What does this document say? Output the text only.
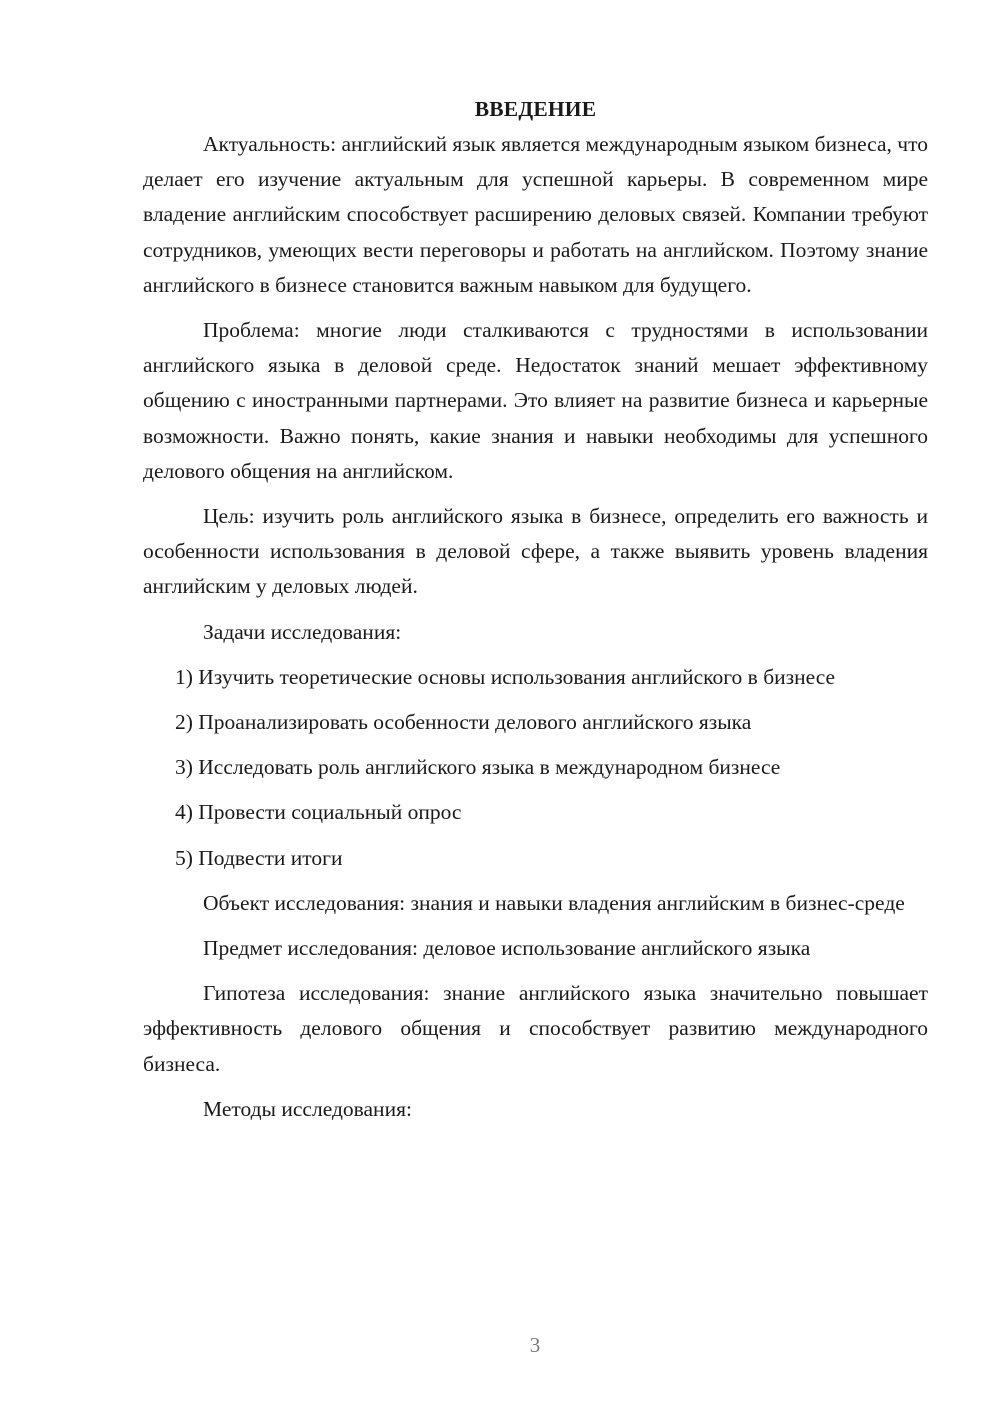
ВВЕДЕНИЕ

Актуальность: английский язык является международным языком бизнеса, что делает его изучение актуальным для успешной карьеры. В современном мире владение английским способствует расширению деловых связей. Компании требуют сотрудников, умеющих вести переговоры и работать на английском. Поэтому знание английского в бизнесе становится важным навыком для будущего.

Проблема: многие люди сталкиваются с трудностями в использовании английского языка в деловой среде. Недостаток знаний мешает эффективному общению с иностранными партнерами. Это влияет на развитие бизнеса и карьерные возможности. Важно понять, какие знания и навыки необходимы для успешного делового общения на английском.

Цель: изучить роль английского языка в бизнесе, определить его важность и особенности использования в деловой сфере, а также выявить уровень владения английским у деловых людей.

Задачи исследования:

1) Изучить теоретические основы использования английского в бизнесе

2) Проанализировать особенности делового английского языка

3) Исследовать роль английского языка в международном бизнесе

4) Провести социальный опрос

5) Подвести итоги

Объект исследования: знания и навыки владения английским в бизнес-среде

Предмет исследования: деловое использование английского языка

Гипотеза исследования: знание английского языка значительно повышает эффективность делового общения и способствует развитию международного бизнеса.

Методы исследования:

3
